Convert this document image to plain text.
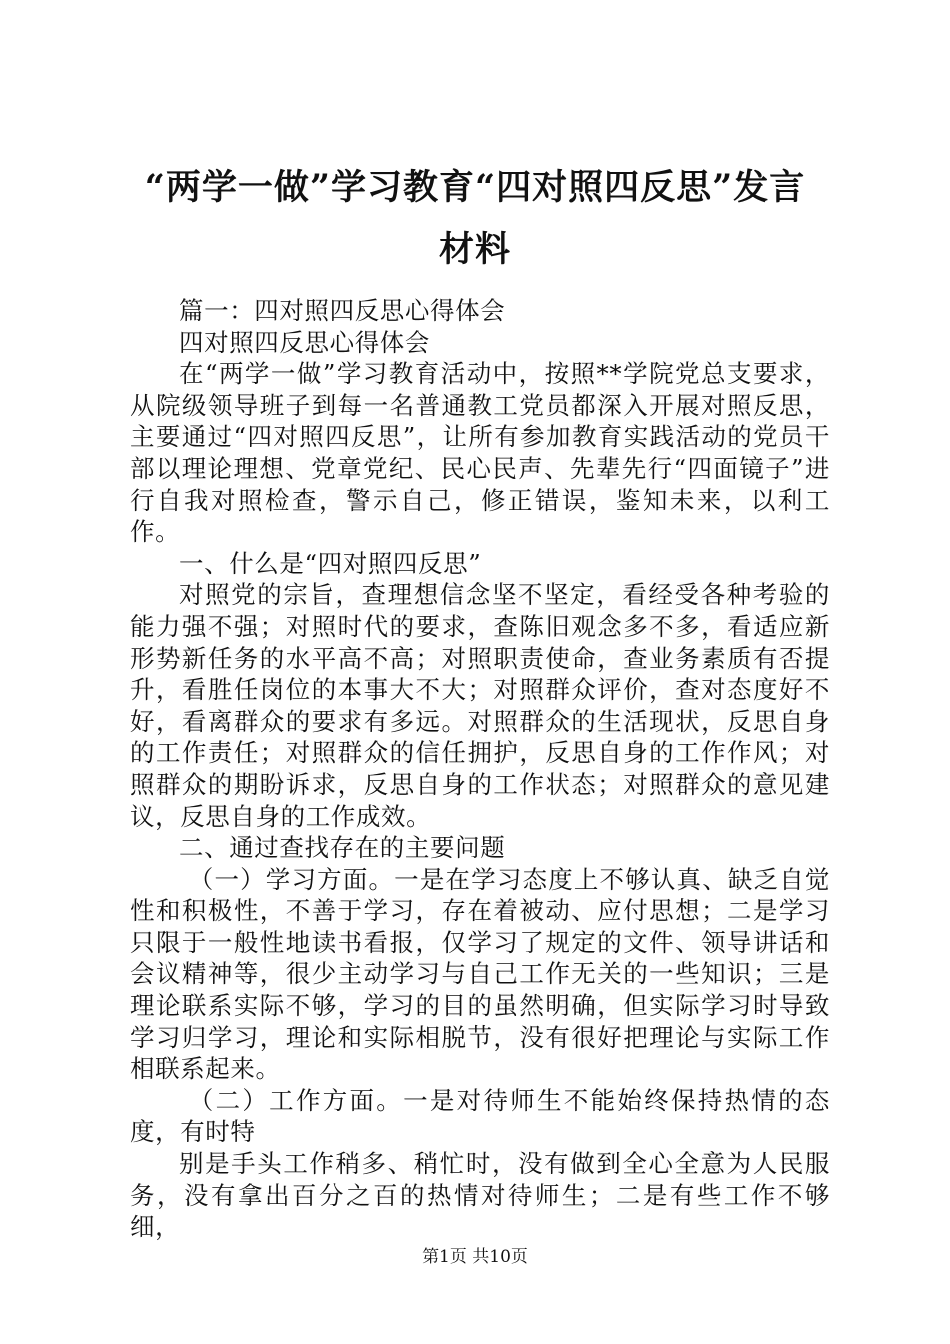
“两学一做”学习教育“四对照四反思”发言
材料

篇一：四对照四反思心得体会

四对照四反思心得体会

在“两学一做”学习教育活动中，按照**学院党总支要求，从院级领导班子到每一名普通教工党员都深入开展对照反思，主要通过“四对照四反思”，让所有参加教育实践活动的党员干部以理论理想、党章党纪、民心民声、先辈先行“四面镜子”进行自我对照检查，警示自己，修正错误，鉴知未来，以利工作。

一、什么是“四对照四反思”

对照党的宗旨，查理想信念坚不坚定，看经受各种考验的能力强不强；对照时代的要求，查陈旧观念多不多，看适应新形势新任务的水平高不高；对照职责使命，查业务素质有否提升，看胜任岗位的本事大不大；对照群众评价，查对态度好不好，看离群众的要求有多远。对照群众的生活现状，反思自身的工作责任；对照群众的信任拥护，反思自身的工作作风；对照群众的期盼诉求，反思自身的工作状态；对照群众的意见建议，反思自身的工作成效。

二、通过查找存在的主要问题

（一）学习方面。一是在学习态度上不够认真、缺乏自觉性和积极性，不善于学习，存在着被动、应付思想；二是学习只限于一般性地读书看报，仅学习了规定的文件、领导讲话和会议精神等，很少主动学习与自己工作无关的一些知识；三是理论联系实际不够，学习的目的虽然明确，但实际学习时导致学习归学习，理论和实际相脱节，没有很好把理论与实际工作相联系起来。

（二）工作方面。一是对待师生不能始终保持热情的态度，有时特

别是手头工作稍多、稍忙时，没有做到全心全意为人民服务，没有拿出百分之百的热情对待师生；二是有些工作不够细，

第1页 共10页
